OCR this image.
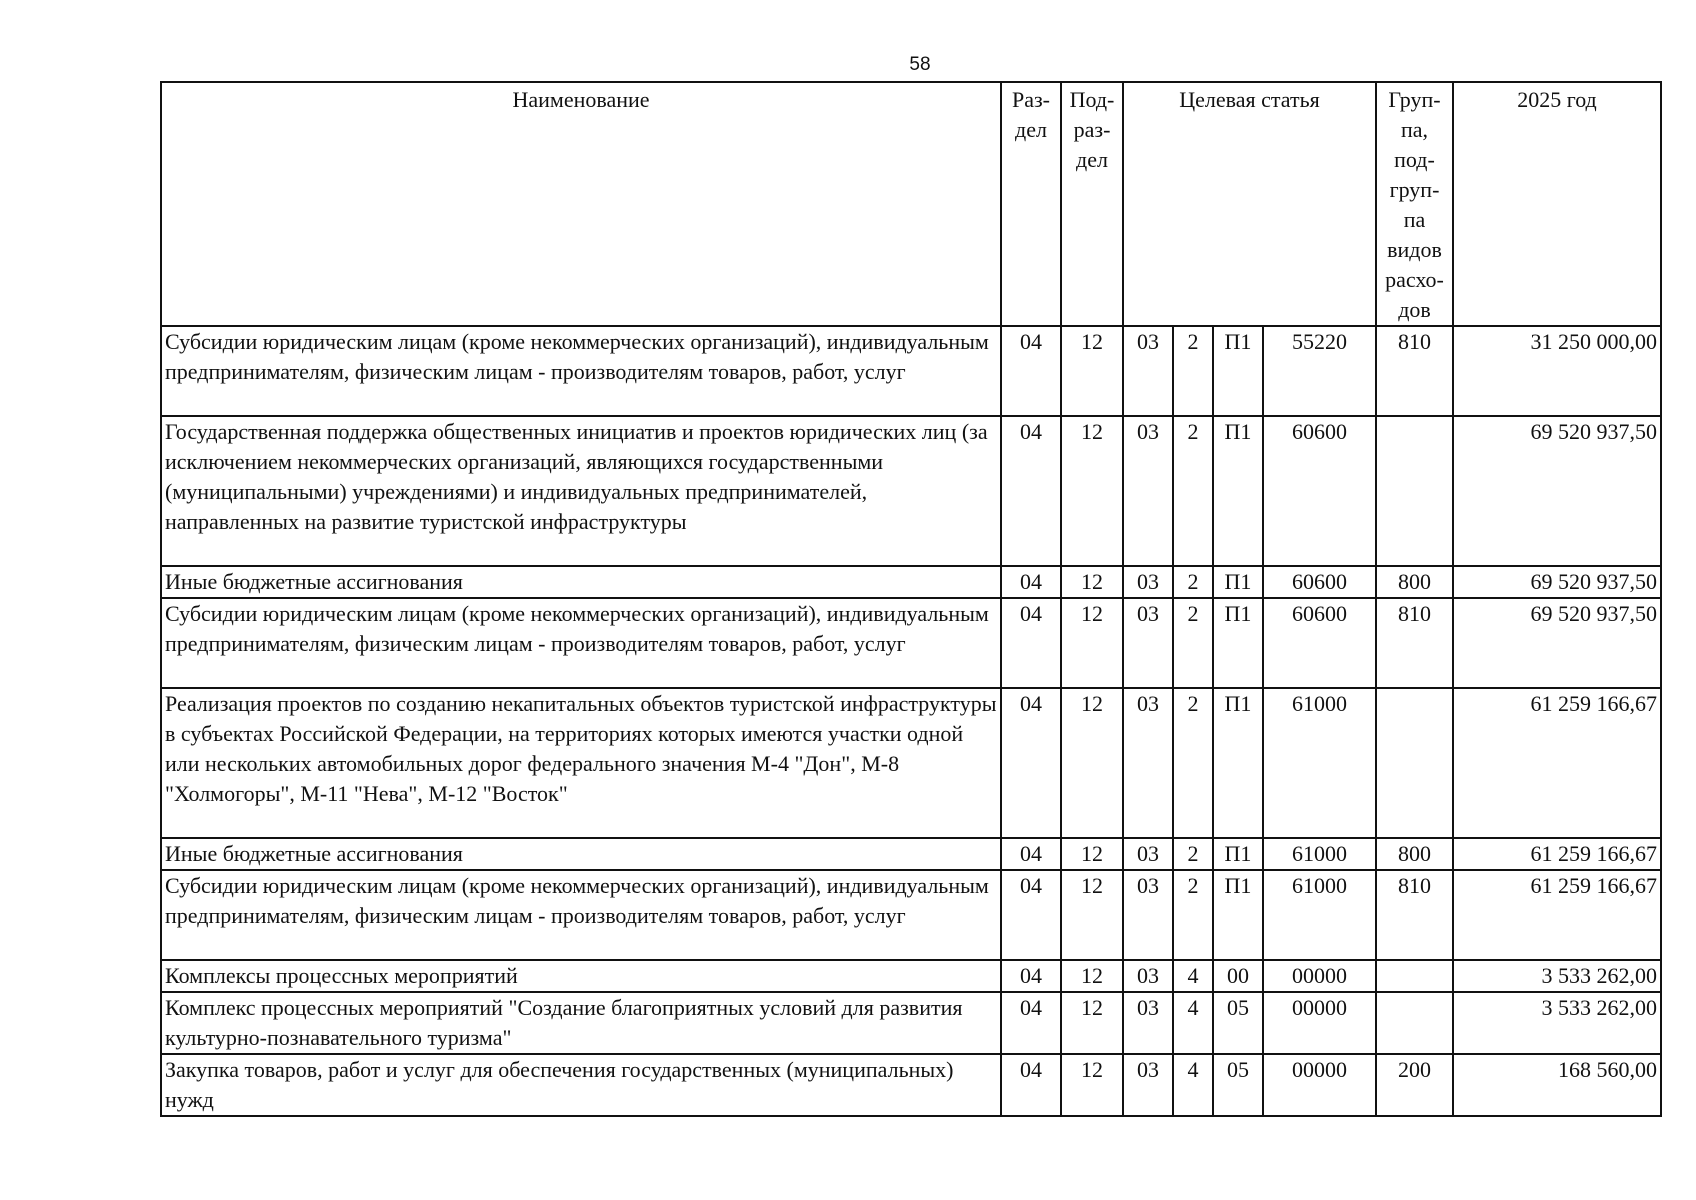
58
Наименование	Раз- дел	Под- раз- дел	Целевая статья				Груп- па, под- груп- па видов расхо- дов	2025 год
Субсидии юридическим лицам (кроме некоммерческих организаций), индивидуальным предпринимателям, физическим лицам - производителям товаров, работ, услуг	04	12	03	2	П1	55220	810	31 250 000,00
Государственная поддержка общественных инициатив и проектов юридических лиц (за исключением некоммерческих организаций, являющихся государственными (муниципальными) учреждениями) и индивидуальных предпринимателей, направленных на развитие туристской инфраструктуры	04	12	03	2	П1	60600		69 520 937,50
Иные бюджетные ассигнования	04	12	03	2	П1	60600	800	69 520 937,50
Субсидии юридическим лицам (кроме некоммерческих организаций), индивидуальным предпринимателям, физическим лицам - производителям товаров, работ, услуг	04	12	03	2	П1	60600	810	69 520 937,50
Реализация проектов по созданию некапитальных объектов туристской инфраструктуры в субъектах Российской Федерации, на территориях которых имеются участки одной или нескольких автомобильных дорог федерального значения М-4 "Дон", М-8 "Холмогоры", М-11 "Нева", М-12 "Восток"	04	12	03	2	П1	61000		61 259 166,67
Иные бюджетные ассигнования	04	12	03	2	П1	61000	800	61 259 166,67
Субсидии юридическим лицам (кроме некоммерческих организаций), индивидуальным предпринимателям, физическим лицам - производителям товаров, работ, услуг	04	12	03	2	П1	61000	810	61 259 166,67
Комплексы процессных мероприятий	04	12	03	4	00	00000		3 533 262,00
Комплекс процессных мероприятий "Создание благоприятных условий для развития культурно-познавательного туризма"	04	12	03	4	05	00000		3 533 262,00
Закупка товаров, работ и услуг для обеспечения государственных (муниципальных) нужд	04	12	03	4	05	00000	200	168 560,00
